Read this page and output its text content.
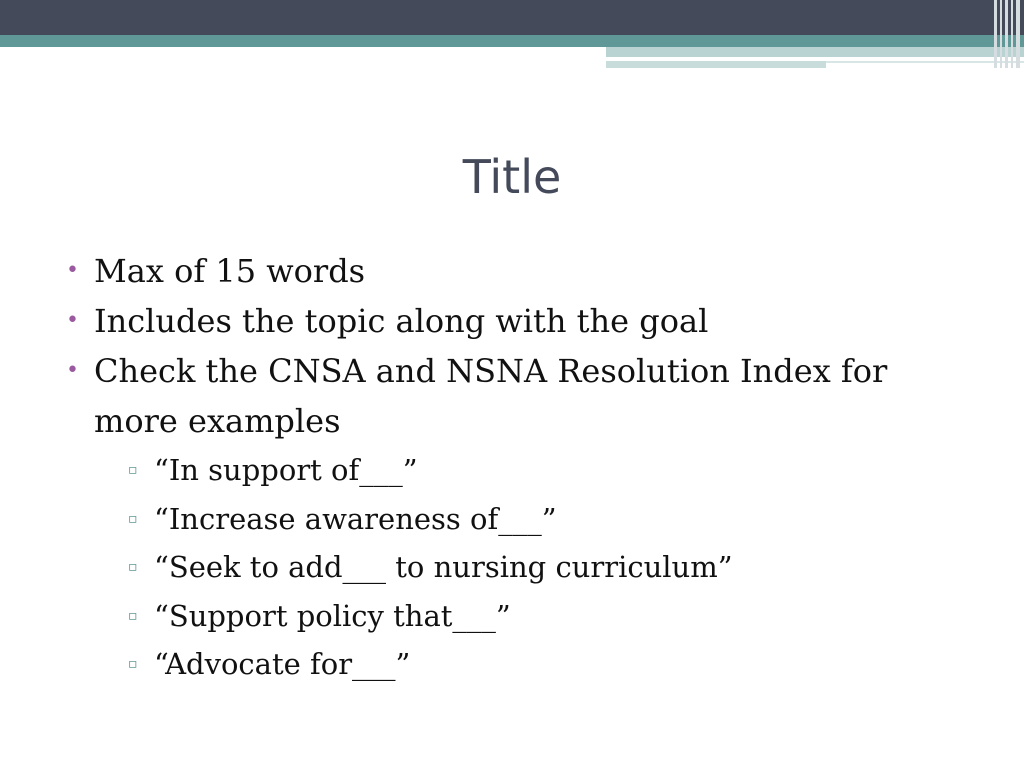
Title
• Max of 15 words
• Includes the topic along with the goal
• Check the CNSA and NSNA Resolution Index for more examples
▫ “In support of___”
▫ “Increase awareness of___”
▫ “Seek to add___ to nursing curriculum”
▫ “Support policy that___”
▫ “Advocate for___”
